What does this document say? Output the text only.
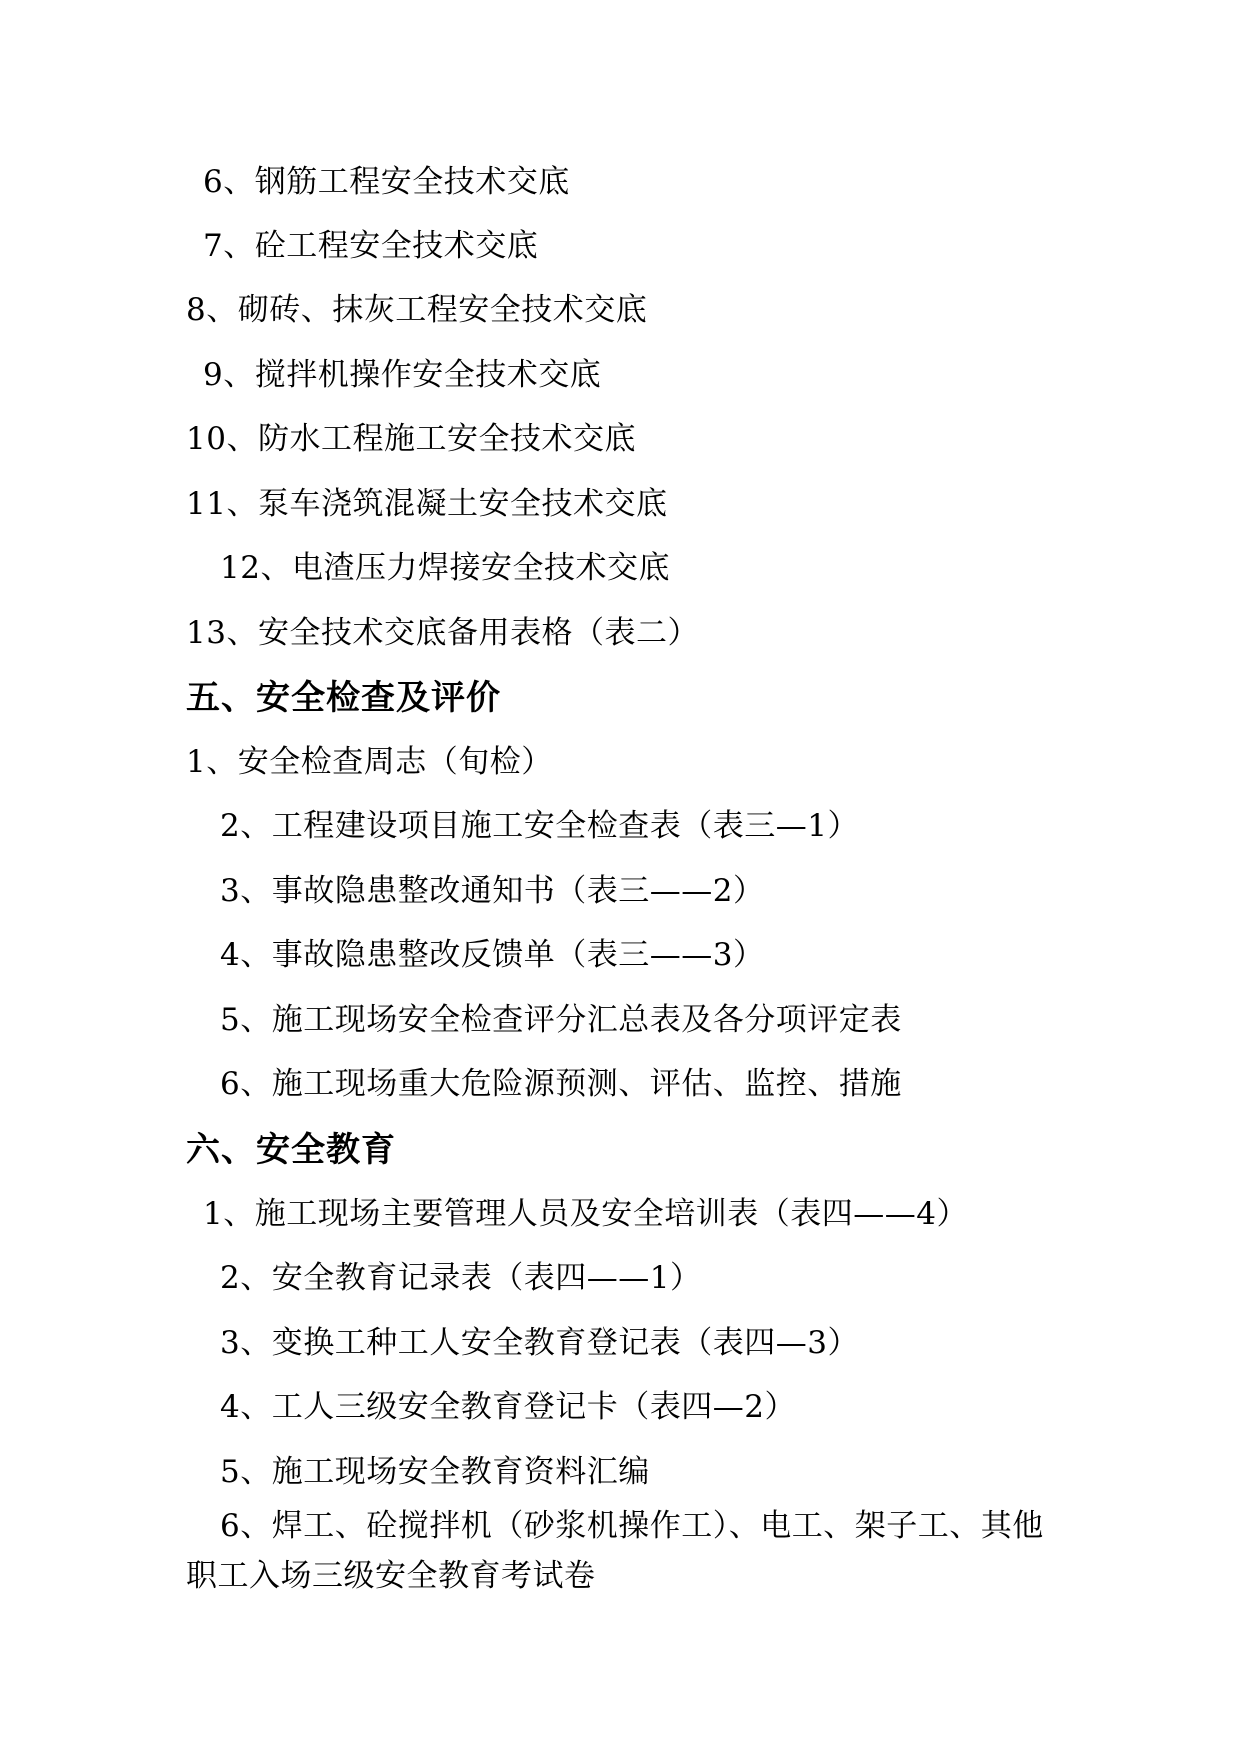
6、钢筋工程安全技术交底
7、砼工程安全技术交底
8、砌砖、抹灰工程安全技术交底
9、搅拌机操作安全技术交底
10、防水工程施工安全技术交底
11、泵车浇筑混凝土安全技术交底
12、电渣压力焊接安全技术交底
13、安全技术交底备用表格（表二）
五、安全检查及评价
1、安全检查周志（旬检）
2、工程建设项目施工安全检查表（表三—1）
3、事故隐患整改通知书（表三——2）
4、事故隐患整改反馈单（表三——3）
5、施工现场安全检查评分汇总表及各分项评定表
6、施工现场重大危险源预测、评估、监控、措施
六、安全教育
1、施工现场主要管理人员及安全培训表（表四——4）
2、安全教育记录表（表四——1）
3、变换工种工人安全教育登记表（表四—3）
4、工人三级安全教育登记卡（表四—2）
5、施工现场安全教育资料汇编
6、焊工、砼搅拌机（砂浆机操作工）、电工、架子工、其他
职工入场三级安全教育考试卷
